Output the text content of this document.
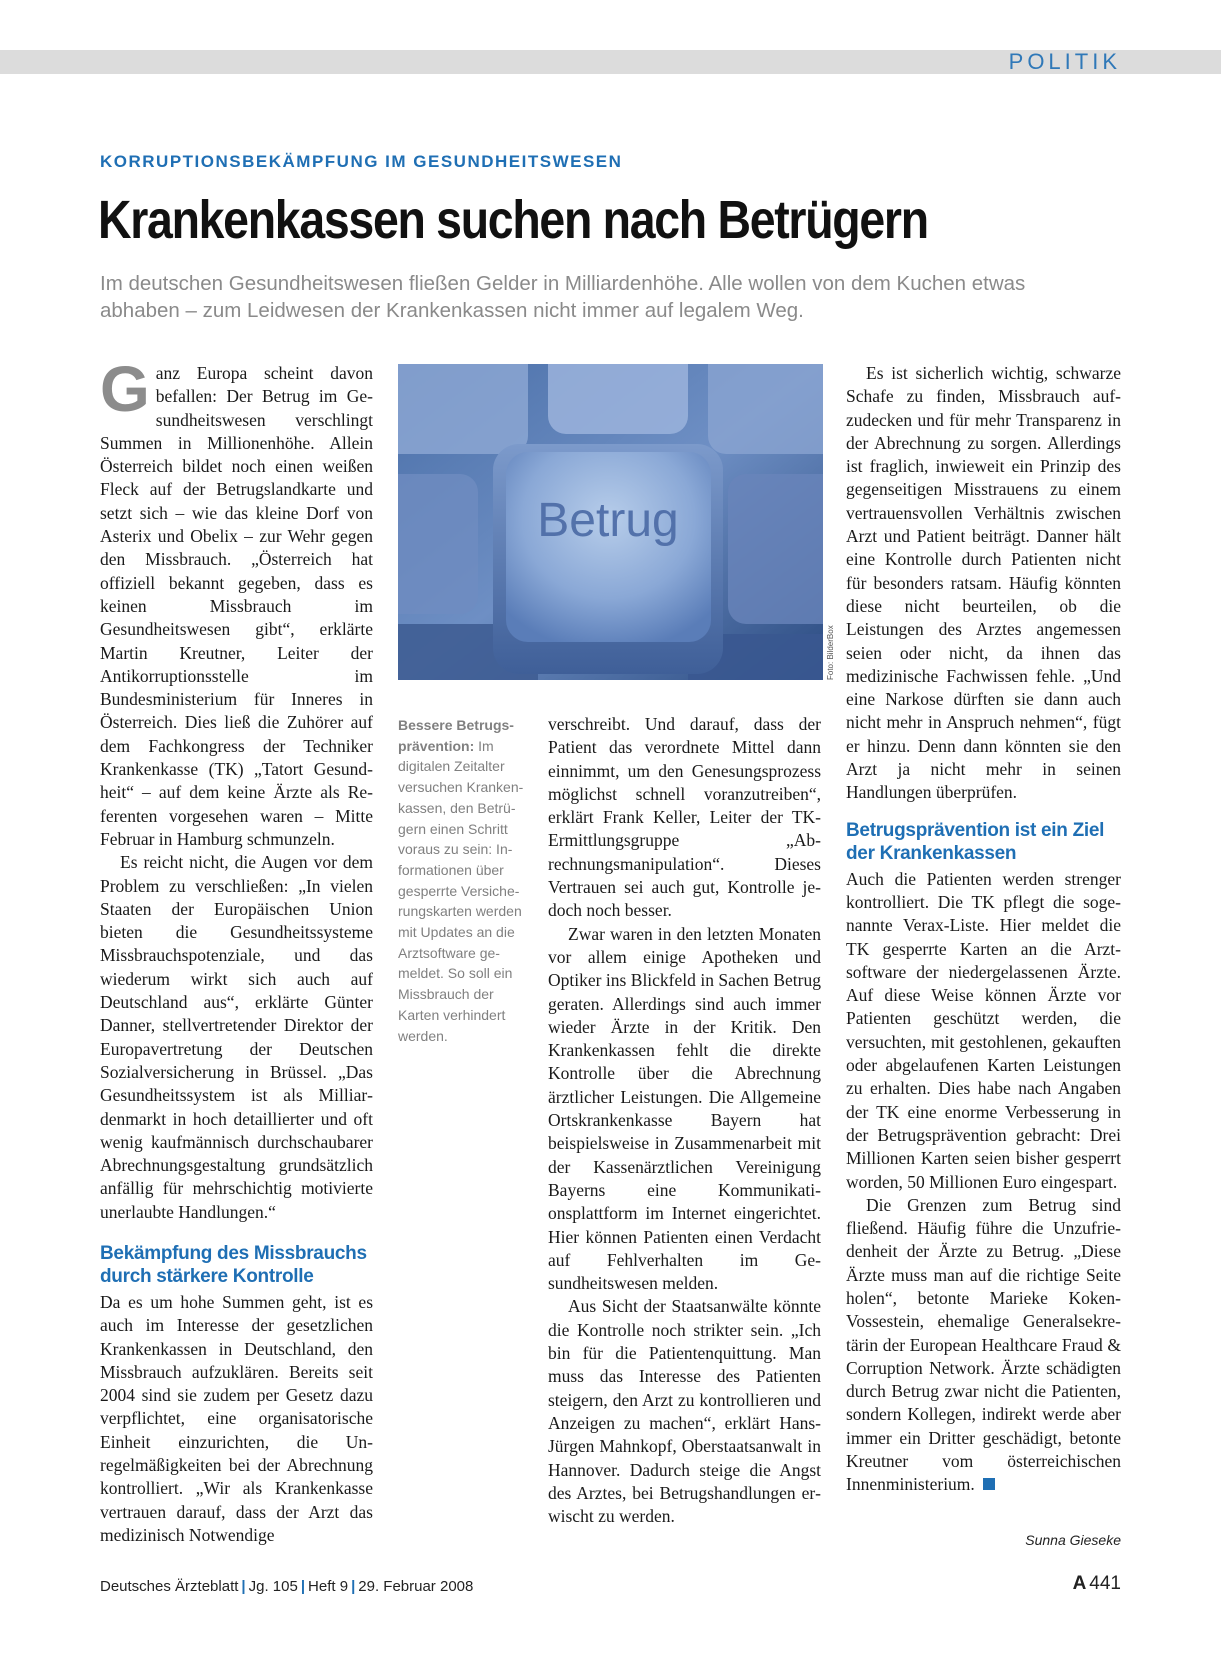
POLITIK
KORRUPTIONSBEKÄMPFUNG IM GESUNDHEITSWESEN
Krankenkassen suchen nach Betrügern
Im deutschen Gesundheitswesen fließen Gelder in Milliardenhöhe. Alle wollen von dem Kuchen etwas abhaben – zum Leidwesen der Krankenkassen nicht immer auf legalem Weg.

Ganz Europa scheint davon befallen: Der Betrug im Gesundheitswesen verschlingt Summen in Millionenhöhe. Allein Österreich bildet noch einen weißen Fleck auf der Betrugslandkarte und setzt sich – wie das kleine Dorf von Asterix und Obelix – zur Wehr gegen den Missbrauch. „Österreich hat offiziell bekannt gegeben, dass es keinen Missbrauch im Gesundheitswesen gibt“, erklärte Martin Kreutner, Leiter der Antikorruptionsstelle im Bundesministerium für Inneres in Österreich. Dies ließ die Zuhörer auf dem Fachkongress der Techniker Krankenkasse (TK) „Tatort Gesundheit“ – auf dem keine Ärzte als Referenten vorgesehen waren – Mitte Februar in Hamburg schmunzeln.

Es reicht nicht, die Augen vor dem Problem zu verschließen: „In vielen Staaten der Europäischen Union bieten die Gesundheitssysteme Missbrauchspotenziale, und das wiederum wirkt sich auch auf Deutschland aus“, erklärte Günter Danner, stellvertretender Direktor der Europavertretung der Deutschen Sozialversicherung in Brüssel. „Das Gesundheitssystem ist als Milliardenmarkt in hoch detaillierter und oft wenig kaufmännisch durchschaubarer Abrechnungsgestaltung grundsätzlich anfällig für mehrschichtig motivierte unerlaubte Handlungen.“

Bekämpfung des Missbrauchs durch stärkere Kontrolle

Da es um hohe Summen geht, ist es auch im Interesse der gesetzlichen Krankenkassen in Deutschland, den Missbrauch aufzuklären. Bereits seit 2004 sind sie zudem per Gesetz dazu verpflichtet, eine organisatorische Einheit einzurichten, die Unregelmäßigkeiten bei der Abrechnung kontrolliert. „Wir als Krankenkasse vertrauen darauf, dass der Arzt das medizinisch Notwendige

Betrug
Foto: BilderBox
Bessere Betrugsprävention: Im digitalen Zeitalter versuchen Krankenkassen, den Betrügern einen Schritt voraus zu sein: Informationen über gesperrte Versicherungskarten werden mit Updates an die Arztsoftware gemeldet. So soll ein Missbrauch der Karten verhindert werden.

verschreibt. Und darauf, dass der Patient das verordnete Mittel dann einnimmt, um den Genesungsprozess möglichst schnell voranzutreiben“, erklärt Frank Keller, Leiter der TK-Ermittlungsgruppe „Abrechnungsmanipulation“. Dieses Vertrauen sei auch gut, Kontrolle jedoch noch besser.

Zwar waren in den letzten Monaten vor allem einige Apotheken und Optiker ins Blickfeld in Sachen Betrug geraten. Allerdings sind auch immer wieder Ärzte in der Kritik. Den Krankenkassen fehlt die direkte Kontrolle über die Abrechnung ärztlicher Leistungen. Die Allgemeine Ortskrankenkasse Bayern hat beispielsweise in Zusammenarbeit mit der Kassenärztlichen Vereinigung Bayerns eine Kommunikationsplattform im Internet eingerichtet. Hier können Patienten einen Verdacht auf Fehlverhalten im Gesundheitswesen melden.

Aus Sicht der Staatsanwälte könnte die Kontrolle noch strikter sein. „Ich bin für die Patientenquittung. Man muss das Interesse des Patienten steigern, den Arzt zu kontrollieren und Anzeigen zu machen“, erklärt Hans-Jürgen Mahnkopf, Oberstaatsanwalt in Hannover. Dadurch steige die Angst des Arztes, bei Betrugshandlungen erwischt zu werden.

Es ist sicherlich wichtig, schwarze Schafe zu finden, Missbrauch aufzudecken und für mehr Transparenz in der Abrechnung zu sorgen. Allerdings ist fraglich, inwieweit ein Prinzip des gegenseitigen Misstrauens zu einem vertrauensvollen Verhältnis zwischen Arzt und Patient beiträgt. Danner hält eine Kontrolle durch Patienten nicht für besonders ratsam. Häufig könnten diese nicht beurteilen, ob die Leistungen des Arztes angemessen seien oder nicht, da ihnen das medizinische Fachwissen fehle. „Und eine Narkose dürften sie dann auch nicht mehr in Anspruch nehmen“, fügt er hinzu. Denn dann könnten sie den Arzt ja nicht mehr in seinen Handlungen überprüfen.

Betrugsprävention ist ein Ziel der Krankenkassen

Auch die Patienten werden strenger kontrolliert. Die TK pflegt die sogenannte Verax-Liste. Hier meldet die TK gesperrte Karten an die Arztsoftware der niedergelassenen Ärzte. Auf diese Weise können Ärzte vor Patienten geschützt werden, die versuchten, mit gestohlenen, gekauften oder abgelaufenen Karten Leistungen zu erhalten. Dies habe nach Angaben der TK eine enorme Verbesserung in der Betrugsprävention gebracht: Drei Millionen Karten seien bisher gesperrt worden, 50 Millionen Euro eingespart.

Die Grenzen zum Betrug sind fließend. Häufig führe die Unzufriedenheit der Ärzte zu Betrug. „Diese Ärzte muss man auf die richtige Seite holen“, betonte Marieke Koken-Vossestein, ehemalige Generalsekretärin der European Healthcare Fraud & Corruption Network. Ärzte schädigten durch Betrug zwar nicht die Patienten, sondern Kollegen, indirekt werde aber immer ein Dritter geschädigt, betonte Kreutner vom österreichischen Innenministerium.

Sunna Gieseke
Deutsches Ärzteblatt | Jg. 105 | Heft 9 | 29. Februar 2008	A 441
